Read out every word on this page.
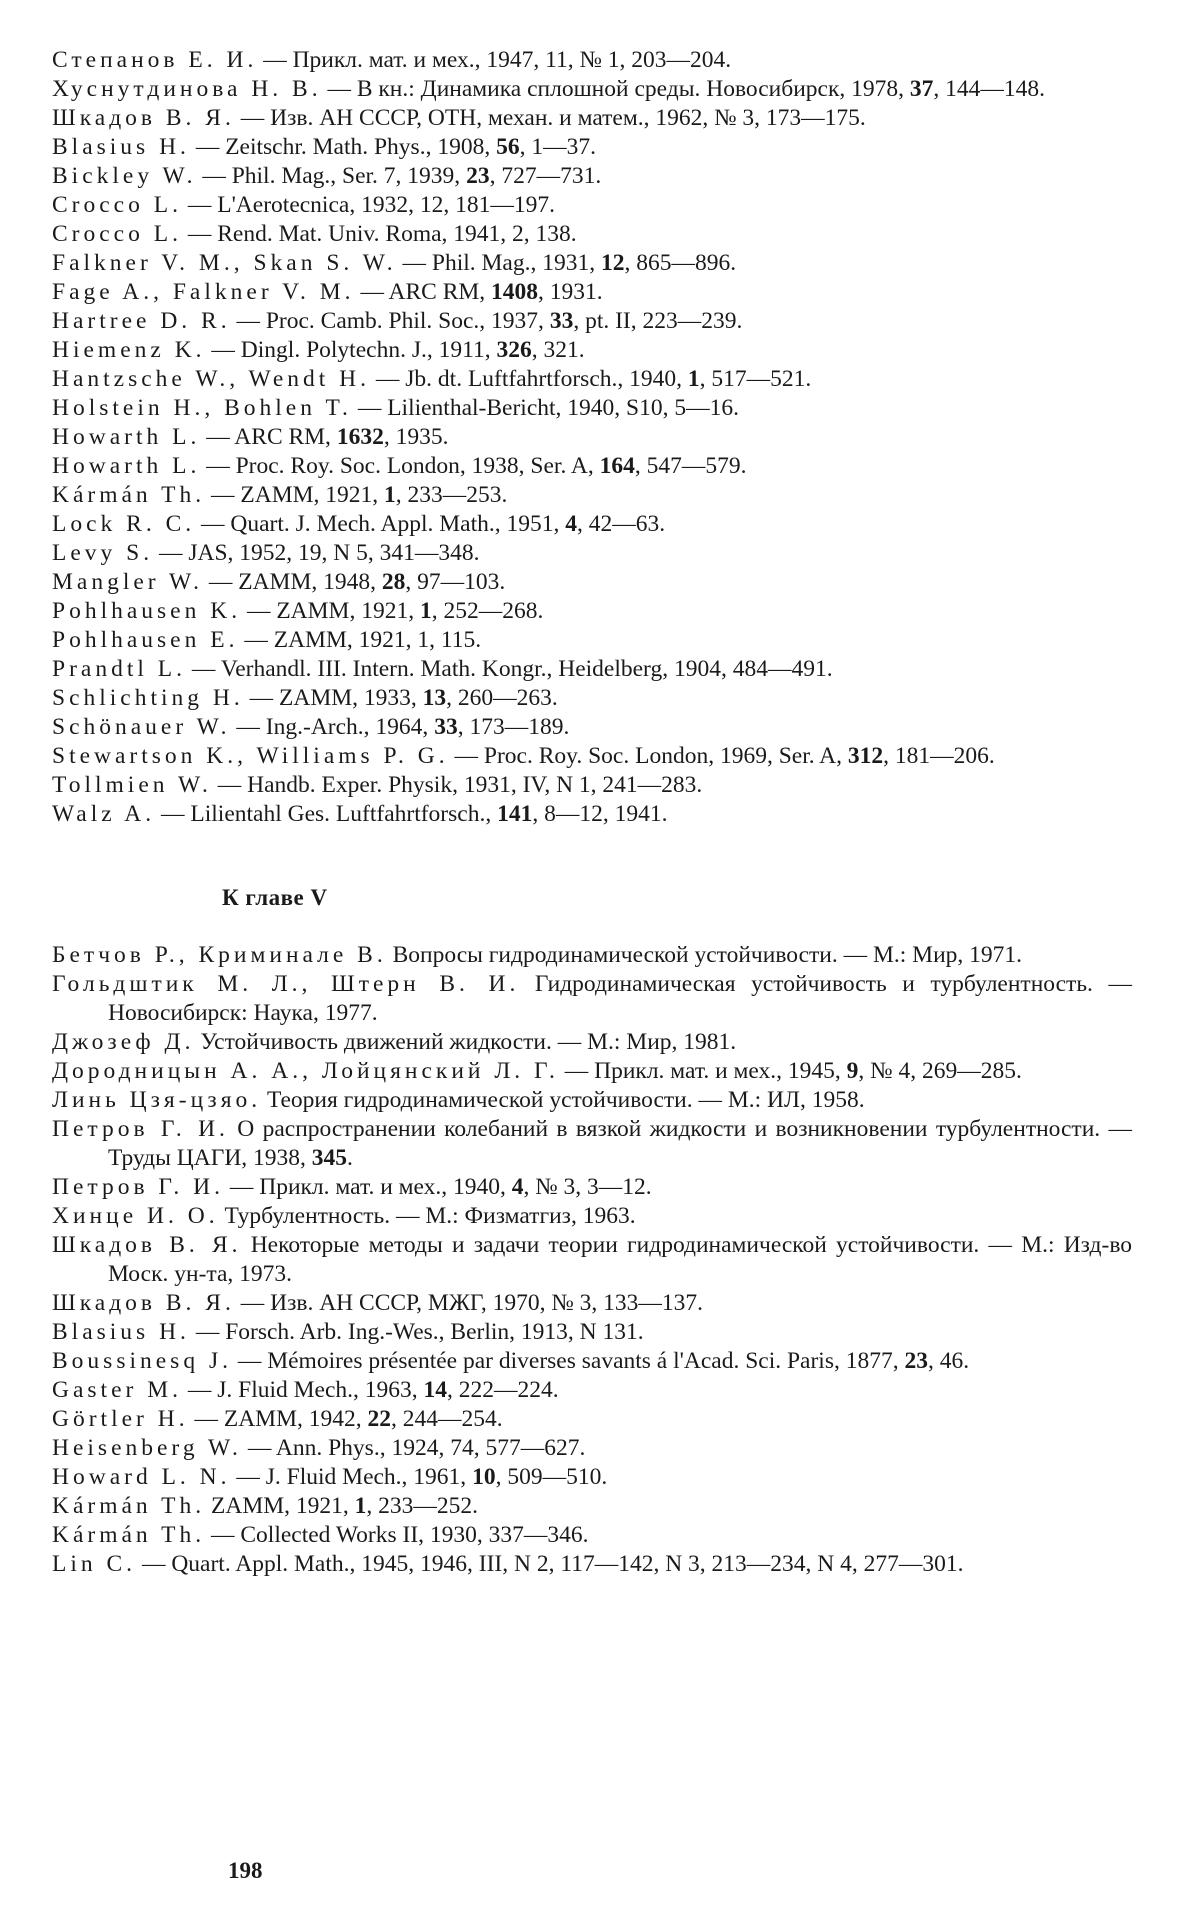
Степанов Е. И. — Прикл. мат. и мех., 1947, 11, № 1, 203—204.
Хуснутдинова Н. В. — В кн.: Динамика сплошной среды. Новосибирск, 1978, 37, 144—148.
Шкадов В. Я. — Изв. АН СССР, ОТН, механ. и матем., 1962, № 3, 173—175.
Blasius H. — Zeitschr. Math. Phys., 1908, 56, 1—37.
Bickley W. — Phil. Mag., Ser. 7, 1939, 23, 727—731.
Crocco L. — L'Aerotecnica, 1932, 12, 181—197.
Crocco L. — Rend. Mat. Univ. Roma, 1941, 2, 138.
Falkner V. M., Skan S. W. — Phil. Mag., 1931, 12, 865—896.
Fage A., Falkner V. M. — ARC RM, 1408, 1931.
Hartree D. R. — Proc. Camb. Phil. Soc., 1937, 33, pt. II, 223—239.
Hiemenz K. — Dingl. Polytechn. J., 1911, 326, 321.
Hantzsche W., Wendt H. — Jb. dt. Luftfahrtforsch., 1940, 1, 517—521.
Holstein H., Bohlen T. — Lilienthal-Bericht, 1940, S10, 5—16.
Howarth L. — ARC RM, 1632, 1935.
Howarth L. — Proc. Roy. Soc. London, 1938, Ser. A, 164, 547—579.
Kármán Th. — ZAMM, 1921, 1, 233—253.
Lock R. C. — Quart. J. Mech. Appl. Math., 1951, 4, 42—63.
Levy S. — JAS, 1952, 19, N 5, 341—348.
Mangler W. — ZAMM, 1948, 28, 97—103.
Pohlhausen K. — ZAMM, 1921, 1, 252—268.
Pohlhausen E. — ZAMM, 1921, 1, 115.
Prandtl L. — Verhandl. III. Intern. Math. Kongr., Heidelberg, 1904, 484—491.
Schlichting H. — ZAMM, 1933, 13, 260—263.
Schönauer W. — Ing.-Arch., 1964, 33, 173—189.
Stewartson K., Williams P. G. — Proc. Roy. Soc. London, 1969, Ser. A, 312, 181—206.
Tollmien W. — Handb. Exper. Physik, 1931, IV, N 1, 241—283.
Walz A. — Lilientahl Ges. Luftfahrtforsch., 141, 8—12, 1941.
К главе V
Бетчов Р., Криминале В. Вопросы гидродинамической устойчивости. — М.: Мир, 1971.
Гольдштик М. Л., Штерн В. И. Гидродинамическая устойчивость и турбулентность. — Новосибирск: Наука, 1977.
Джозеф Д. Устойчивость движений жидкости. — М.: Мир, 1981.
Дородницын А. А., Лойцянский Л. Г. — Прикл. мат. и мех., 1945, 9, № 4, 269—285.
Линь Цзя-цзяо. Теория гидродинамической устойчивости. — М.: ИЛ, 1958.
Петров Г. И. О распространении колебаний в вязкой жидкости и возникновении турбулентности. — Труды ЦАГИ, 1938, 345.
Петров Г. И. — Прикл. мат. и мех., 1940, 4, № 3, 3—12.
Хинце И. О. Турбулентность. — М.: Физматгиз, 1963.
Шкадов В. Я. Некоторые методы и задачи теории гидродинамической устойчивости. — М.: Изд-во Моск. ун-та, 1973.
Шкадов В. Я. — Изв. АН СССР, МЖГ, 1970, № 3, 133—137.
Blasius H. — Forsch. Arb. Ing.-Wes., Berlin, 1913, N 131.
Boussinesq J. — Mémoires présentée par diverses savants á l'Acad. Sci. Paris, 1877, 23, 46.
Gaster M. — J. Fluid Mech., 1963, 14, 222—224.
Görtler H. — ZAMM, 1942, 22, 244—254.
Heisenberg W. — Ann. Phys., 1924, 74, 577—627.
Howard L. N. — J. Fluid Mech., 1961, 10, 509—510.
Kármán Th. ZAMM, 1921, 1, 233—252.
Kármán Th. — Collected Works II, 1930, 337—346.
Lin C. — Quart. Appl. Math., 1945, 1946, III, N 2, 117—142, N 3, 213—234, N 4, 277—301.
198
